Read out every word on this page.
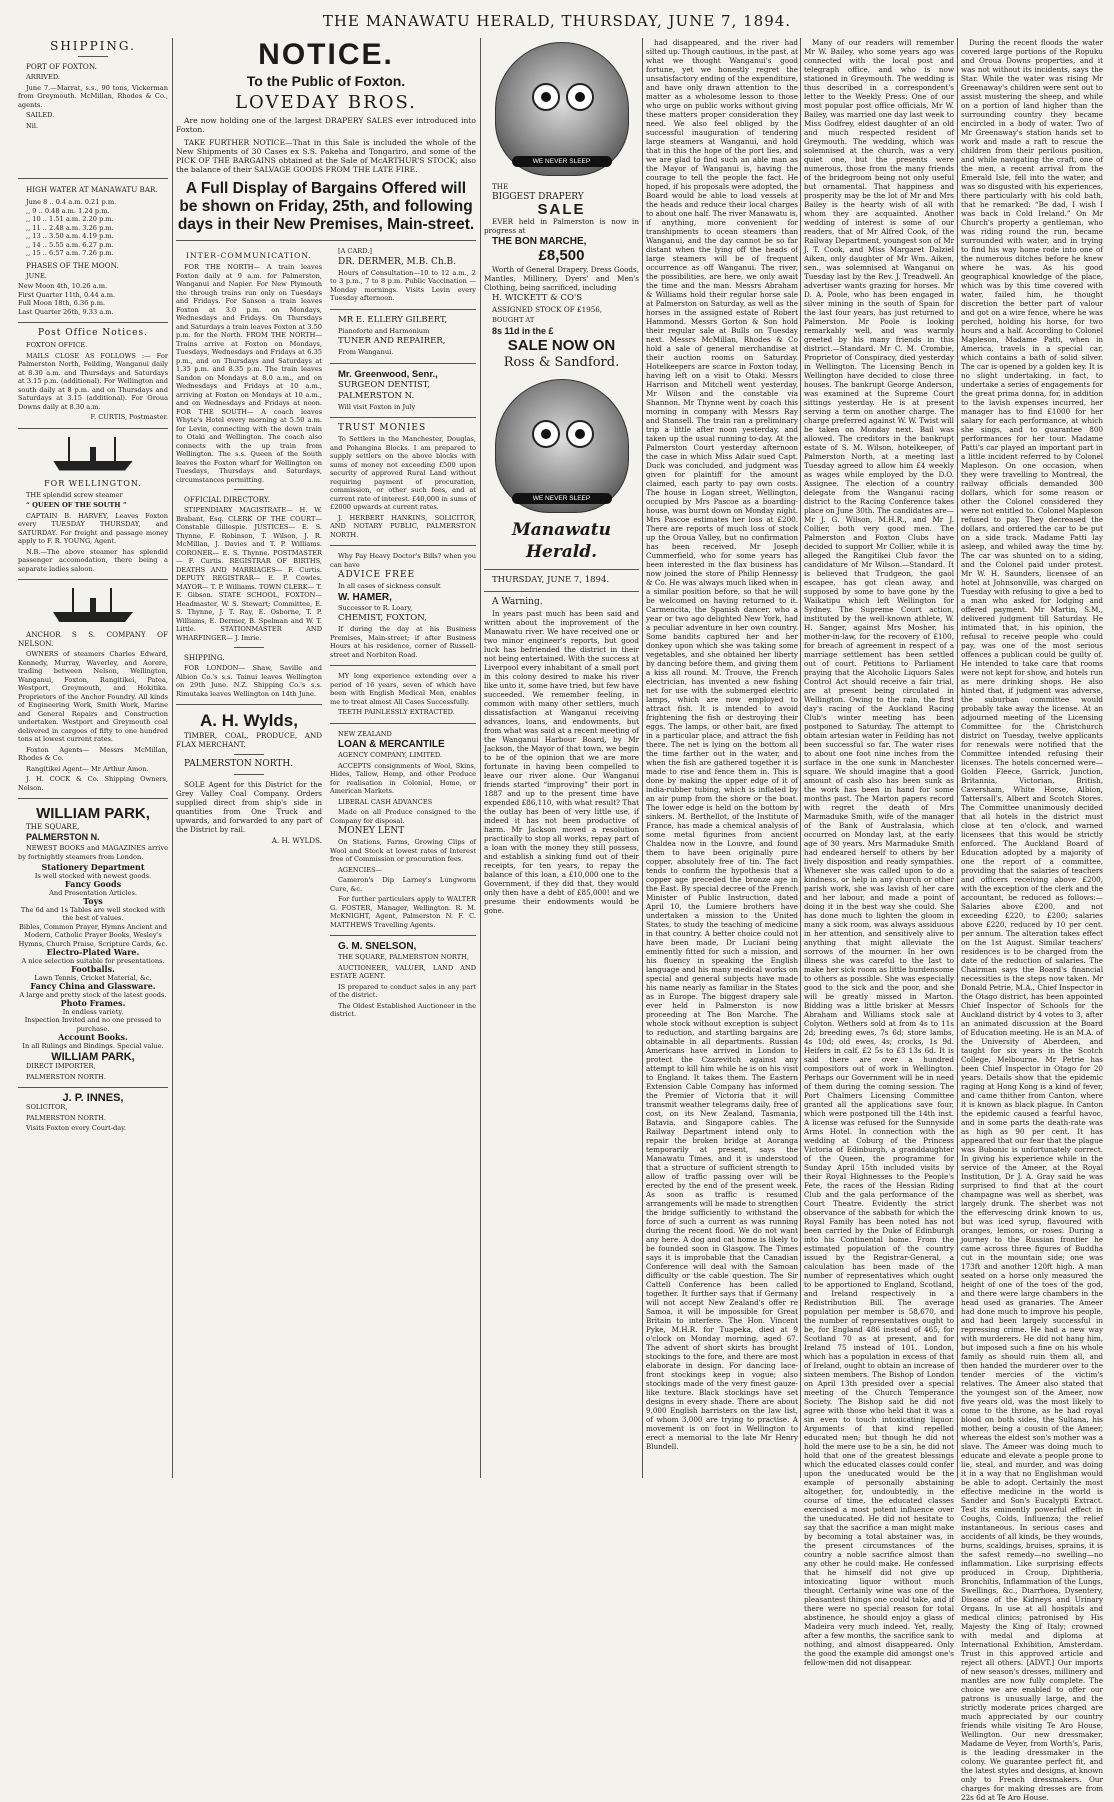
THE MANAWATU HERALD, THURSDAY, JUNE 7, 1894.
SHIPPING.

PORT OF FOXTON.

ARRIVED.

June 7.—Marrat, s.s., 90 tons, Vickerman from Greymouth. McMillan, Rhodes & Co., agents.

SAILED.

Nil.

HIGH WATER AT MANAWATU BAR.

June 8 .. 0.4 a.m. 0.21 p.m.
,, 9 .. 0.48 a.m. 1.24 p.m.
,, 10 .. 1.51 a.m. 2.20 p.m.
,, 11 .. 2.48 a.m. 3.26 p.m.
,, 13 .. 3.50 a.m. 4.19 p.m.
,, 14 .. 5.55 a.m. 6.27 p.m.
,, 15 .. 6.57 a.m. 7.26 p.m.

PHASES OF THE MOON.

JUNE.

New Moon 4th, 10.26 a.m.
First Quarter 11th, 0.44 a.m.
Full Moon 18th, 6.36 p.m.
Last Quarter 26th, 9.33 a.m.
Post Office Notices.

FOXTON OFFICE.

MAILS CLOSE AS FOLLOWS :— For Palmerston North, Feilding, Wanganui daily at 8.30 a.m. and Thursdays and Saturdays at 3.15 p.m. (additional). For Wellington and south daily at 8 p.m. and on Thursdays and Saturdays at 3.15 (additional). For Oroua Downs daily at 8.30 a.m.

F. CURTIS, Postmaster.

FOR WELLINGTON.

THE splendid screw steamer

“ QUEEN OF THE SOUTH ”

CAPTAIN B. HARVEY, Leaves Foxton every TUESDAY THURSDAY, and SATURDAY. For freight and passage money apply to F. R. YOUNG, Agent.

N.B.—The above steamer has splendid passenger accomodation, there being a separate ladies saloon.

ANCHOR S S. COMPANY OF NELSON.

OWNERS of steamers Charles Edward, Kennedy, Murray, Waverley, and Aorere, trading between Nelson, Wellington, Wanganui, Foxton, Rangitikei, Patea, Westport, Greymouth, and Hokitika. Proprietors of the Anchor Foundry. All kinds of Engineering Work, Smith Work, Marine and General Repairs and Construction undertaken. Westport and Greymouth coal delivered in cargoes of fifty to one hundred tons at lowest current rates.

Foxton Agents— Messrs McMillan, Rhodes & Co.

Rangitikei Agent— Mr Arthur Amon.

J. H. COCK & Co. Shipping Owners, Nelson.

WILLIAM PARK,

THE SQUARE,

PALMERSTON N.

NEWEST BOOKS and MAGAZINES arrive by fortnightly steamers from London.

Stationery Department
Is well stocked with newest goods.
Fancy Goods
And Presentation Articles.
Toys
The 6d and 1s Tables are well stocked with the best of values.
Bibles, Common Prayer, Hymns Ancient and Modern, Catholic Prayer Books, Wesley's Hymns, Church Praise, Scripture Cards, &c.
Electro-Plated Ware.
A nice selection suitable for presentations.
Footballs.
Lawn Tennis, Cricket Material, &c.
Fancy China and Glassware.
A large and pretty stock of the latest goods.
Photo Frames.
In endless variety.
Inspection Invited and no one pressed to purchase.
Account Books.
In all Rulings and Bindings. Special value.
WILLIAM PARK,

DIRECT IMPORTER,

PALMERSTON NORTH.

J. P. INNES,

SOLICITOR,

PALMERSTON NORTH.

Visits Foxton every Court-day.

NOTICE.
To the Public of Foxton.
LOVEDAY BROS.

Are now holding one of the largest DRAPERY SALES ever introduced into Foxton.

TAKE FURTHER NOTICE—That in this Sale is included the whole of the New Shipments of 30 Cases ex S.S. Pakeha and Tongariro, and some of the PICK OF THE BARGAINS obtained at the Sale of McARTHUR'S STOCK; also the balance of their SALVAGE GOODS FROM THE LATE FIRE.

A Full Display of Bargains Offered will be shown on Friday, 25th, and following days in their New Premises, Main-street.
INTER-COMMUNICATION.

FOR THE NORTH— A train leaves Foxton daily at 9 a.m. for Palmerston, Wanganui and Napier. For New Plymouth the through trains run only on Tuesdays and Fridays. For Sanson a train leaves Foxton at 3.0 p.m. on Mondays, Wednesdays and Fridays. On Thursdays and Saturdays a train leaves Foxton at 3.50 p.m. for the North. FROM THE NORTH— Trains arrive at Foxton on Mondays, Tuesdays, Wednesdays and Fridays at 6.35 p.m., and on Thursdays and Saturdays at 1.35 p.m. and 8.35 p.m. The train leaves Sandon on Mondays at 8.0 a.m., and on Wednesdays and Fridays at 10 a.m., arriving at Foxton on Mondays at 10 a.m., and on Wednesdays and Fridays at noon. FOR THE SOUTH— A coach leaves Whyte's Hotel every morning at 5.50 a.m. for Levin, connecting with the down train to Otaki and Wellington. The coach also connects with the up train from Wellington. The s.s. Queen of the South leaves the Foxton wharf for Wellington on Tuesdays, Thursdays and Saturdays, circumstances permitting.

OFFICIAL DIRECTORY.

STIPENDIARY MAGISTRATE— H. W. Brabant, Esq. CLERK OF THE COURT— Constable Gillespie. JUSTICES— E. S. Thynne, F. Robinson, T. Wilson, J. R. McMillan, J. Davies and T. P. Williams. CORONER— E. S. Thynne. POSTMASTER— F. Curtis. REGISTRAR OF BIRTHS, DEATHS AND MARRIAGES— F. Curtis. DEPUTY REGISTRAR— E. P. Cowles. MAYOR— T. P. Williams. TOWN CLERK— T. F. Gibson. STATE SCHOOL, FOXTON— Headmaster, W. S. Stewart; Committee, E. S. Thynne, J. T. Ray, E. Osborne, T. P. Williams, E. Dermer, B. Spelman and W. T. Little. STATIONMASTER AND WHARFINGER— J. Imrie.

SHIPPING.

FOR LONDON— Shaw, Saville and Albion Co.'s s.s. Tainui leaves Wellington on 29th June. N.Z. Shipping Co.'s s.s. Rimutaka leaves Wellington on 14th June.

A. H. Wylds,

TIMBER, COAL, PRODUCE, AND FLAX MERCHANT.

PALMERSTON NORTH.

SOLE Agent for this District for the Grey Valley Coal Company. Orders supplied direct from ship's side in quantities from One Truck and upwards, and forwarded to any part of the District by rail.

A. H. WYLDS.

[A CARD.]

DR. DERMER, M.B. Ch.B.

Hours of Consultation—10 to 12 a.m., 2 to 3 p.m., 7 to 8 p.m. Public Vaccination — Monday mornings. Visits Levin every Tuesday afternoon.

MR E. ELLERY GILBERT,

Pianoforte and Harmonium

TUNER AND REPAIRER,

From Wanganui.

Mr. Greenwood, Senr.,

SURGEON DENTIST,

PALMERSTON N.

Will visit Foxton in July

TRUST MONIES

To Settlers in the Manchester, Douglas, and Pohangina Blocks. I am prepared to supply settlers on the above blocks with sums of money not exceeding £500 upon security of approved Rural Land without requiring payment of procuration, commission, or other such fees, and at current rate of interest. £40,000 in sums of £2000 upwards at current rates.

J. HERBERT HANKINS, SOLICITOR, AND NOTARY PUBLIC, PALMERSTON NORTH.

Why Pay Heavy Doctor's Bills? when you can have

ADVICE FREE

In all cases of sickness consult

W. HAMER,

Successor to R. Loary,

CHEMIST, FOXTON,

If during the day at his Business Premises, Main-street; if after Business Hours at his residence, corner of Russell-street and Norbiton Road.

MY long experience extending over a period of 16 years, seven of which have been with English Medical Men, enables me to treat almost All Cases Successfully.

TEETH PAINLESSLY EXTRACTED.

NEW ZEALAND

LOAN & MERCANTILE

AGENCY COMPANY, LIMITED.

ACCEPTS consignments of Wool, Skins, Hides, Tallow, Hemp, and other Produce for realisation in Colonial, Home, or American Markets.

LIBERAL CASH ADVANCES

Made on all Produce consigned to the Company for disposal.

MONEY LENT

On Stations, Farms, Growing Clips of Wool and Stock at lowest rates of Interest free of Commission or procuration fees.

AGENCIES—

Cameron's Dip Larney's Lungworm Cure, &c.

For further particulars apply to WALTER G. FOSTER, Manager, Wellington. R. M. McKNIGHT, Agent, Palmerston N. F. C. MATTHEWS Travelling Agents.

G. M. SNELSON,

THE SQUARE, PALMERSTON NORTH,

AUCTIONEER, VALUER, LAND AND ESTATE AGENT.

IS prepared to conduct sales in any part of the district.

The Oldest Established Auctioneer in the district.

WE NEVER SLEEP

THE

BIGGEST DRAPERY

SALE

EVER held in Palmerston is now in progress at

THE BON MARCHE,

£8,500

Worth of General Drapery, Dress Goods, Mantles, Millinery, Dyers' and Men's Clothing, being sacrificed, including

H. WICKETT & CO'S

ASSIGNED STOCK OF £1956,

BOUGHT AT

8s 11d in the £

SALE NOW ON
Ross & Sandford.
WE NEVER SLEEP
Manawatu Herald.

THURSDAY, JUNE 7, 1894.

A Warning.

In years past much has been said and written about the improvement of the Manawatu river. We have received one or two minor engineer's reports, but good luck has befriended the district in their not being entertained. With the success at Liverpool every inhabitant of a small port in this colony desired to make his river like unto it, some have tried, but few have succeeded. We remember feeling, in common with many other settlers, much dissatisfaction at Wanganui receiving advances, loans, and endowments, but from what was said at a recent meeting of the Wanganui Harbour Board, by Mr Jackson, the Mayor of that town, we begin to be of the opinion that we are more fortunate in having been compelled to leave our river alone. Our Wanganui friends started “improving” their port in 1887 and up to the present time have expended £86,110, with what result? That the outlay has been of very little use, if indeed it has not been productive of harm. Mr Jackson moved a resolution practically to stop all works, repay part of a loan with the money they still possess, and establish a sinking fund out of their receipts, for ten years, to repay the balance of this loan, a £10,000 one to the Government, if they did that, they would only then have a debt of £85,000! and we presume their endowments would be gone.

had disappeared, and the river had silted up. Though cautious, in the past, at what we thought Wanganui's good fortune, yet we honestly regret the unsatisfactory ending of the expenditure, and have only drawn attention to the matter as a wholesome lesson to those who urge on public works without giving these matters proper consideration they need. We also feel obliged by the successful inauguration of tendering large steamers at Wanganui, and hold that in this the hope of the port lies, and we are glad to find such an able man as the Mayor of Wanganui is, having the courage to tell the people the fact. He hoped, if his proposals were adopted, the Board would be able to load vessels at the heads and reduce their local charges to about one half. The river Manawatu is, if anything, more convenient for transhipments to ocean steamers than Wanganui, and the day cannot be so far distant when the lying off the heads of large steamers will be of frequent occurrence as off Wanganui. The river, the possibilities, are here, we only await the time and the man. Messrs Abraham & Williams hold their regular horse sale at Palmerston on Saturday, as well as the horses in the assigned estate of Robert Hammond. Messrs Gorton & Son hold their regular sale at Bulls on Tuesday next. Messrs McMillan, Rhodes & Co hold a sale of general merchandise at their auction rooms on Saturday. Hotelkeepers are scarce in Foxton today, having left on a visit to Otaki. Messrs Harrison and Mitchell went yesterday, Mr Wilson and the constable via Shannon. Mr Thynne went by coach this morning in company with Messrs Ray and Stansell. The train ran a preliminary trip a little after noon yesterday, and taken up the usual running to-day. At the Palmerston Court yesterday afternoon the case in which Miss Adair sued Capt. Duck was concluded, and judgment was given for plaintiff for the amount claimed, each party to pay own costs. The house in Logan street, Wellington, occupied by Mrs Pascoe as a boarding-house, was burnt down on Monday night. Mrs Pascoe estimates her loss at £200. There are reports of much loss of stock up the Oroua Valley, but no confirmation has been received. Mr Joseph Cummerfield, who for some years has been interested in the flax business has now joined the store of Philip Hennessy & Co. He was always much liked when in a similar position before, so that he will be welcomed on having returned to it. Carmencita, the Spanish dancer, who a year or two ago delighted New York, had a peculiar adventure in her own country. Some bandits captured her and her donkey upon which she was taking some vegetables, and she obtained her liberty by dancing before them, and giving them a kiss all round. M. Trouve, the French electrician, has invented a new fishing net for use with the submerged electric lamps, which are now employed to attract fish. It is intended to avoid frightening the fish or destroying their eggs. The lamps, or other bait, are fixed in a particular place, and attract the fish there. The net is lying on the bottom all the time farther out in the water, and when the fish are gathered together it is made to rise and fence them in. This is done by making the upper edge of it of india-rubber tubing, which is inflated by an air pump from the shore or the boat. The lower edge is held on the bottom by sinkers. M. Berthellot, of the Institute of France, has made a chemical analysis of some metal figurines from ancient Chaldea now in the Louvre, and found them to have been originally pure copper, absolutely free of tin. The fact tends to confirm the hypothesis that a copper age preceded the bronze age in the East. By special decree of the French Minister of Public Instruction, dated April 10, the Lumiere brothers have undertaken a mission to the United States, to study the teaching of medicine in that country. A better choice could not have been made, Dr Luciani being eminently fitted for such a mission, and his fluency in speaking the English language and his many medical works on special and general subjects have made his name nearly as familiar in the States as in Europe. The biggest drapery sale ever held in Palmerston is now proceeding at The Bon Marche. The whole stock without exception is subject to reduction, and startling bargains are obtainable in all departments. Russian Americans have arrived in London to protect the Czarevitch against any attempt to kill him while he is on his visit to England. It takes them. The Eastern Extension Cable Company has informed the Premier of Victoria that it will transmit weather telegrams daily, free of cost, on its New Zealand, Tasmania, Batavia, and Singapore cables. The Railway Department intend only to repair the broken bridge at Aoranga temporarily at present, says the Manawatu Times, and it is understood that a structure of sufficient strength to allow of traffic passing over will be erected by the end of the present week. As soon as traffic is resumed arrangements will be made to strengthen the bridge sufficiently to withstand the force of such a current as was running during the recent flood. We do not want any here. A dog and cat home is likely to be founded soon in Glasgow. The Times says it is improbable that the Canadian Conference will deal with the Samoan difficulty or the cable question. The Sir Cattell Conference has been called together. It further says that if Germany will not accept New Zealand's offer re Samoa, it will be impossible for Great Britain to interfere. The Hon. Vincent Pyke, M.H.R. for Tuapeka, died at 9 o'clock on Monday morning, aged 67. The advent of short skirts has brought stockings to the fore, and there are most elaborate in design. For dancing lace-front stockings keep in vogue; also stockings made of the very finest gauze-like texture. Black stockings have set designs in every shade. There are about 9,000 English barristers on the law list, of whom 3,000 are trying to practise. A movement is on foot in Wellington to erect a memorial to the late Mr Henry Blundell.

Many of our readers will remember Mr W. Bailey, who some years ago was connected with the local post and telegraph office, and who is now stationed in Greymouth. The wedding is thus described in a correspondent's letter to the Weekly Press: One of our most popular post office officials, Mr W. Bailey, was married one day last week to Miss Godfrey, eldest daughter of an old and much respected resident of Greymouth. The wedding, which was solemnised at the church, was a very quiet one, but the presents were numerous, those from the many friends of the bridegroom being not only useful but ornamental. That happiness and prosperity may be the lot of Mr and Mrs Bailey is the hearty wish of all with whom they are acquainted. Another wedding of interest is some of our readers, that of Mr Alfred Cook, of the Railway Department, youngest son of Mr J. T. Cook, and Miss Margaret Dalziel Aiken, only daughter of Mr Wm. Aiken, sen., was solemnised at Wanganui on Tuesday last by the Rev. J. Treadwell. An advertiser wants grazing for horses. Mr D. A. Poole, who has been engaged in silver mining in the south of Spain for the last four years, has just returned to Palmerston. Mr Poole is looking remarkably well, and was warmly greeted by his many friends in this district.—Standard. Mr C. M. Crombie, Proprietor of Conspiracy, died yesterday in Wellington. The Licensing Bench in Wellington have decided to close three houses. The bankrupt George Anderson, was examined at the Supreme Court sittings yesterday. He is at present serving a term on another charge. The charge preferred against W. W. Twist will be taken on Monday next. Bail was allowed. The creditors in the bankrupt estate of S. M. Wilson, hotelkeeper, of Palmerston North, at a meeting last Tuesday agreed to allow him £4 weekly as wages while employed by the D.O. Assignee. The election of a country delegate from the Wanganui racing district to the Racing Conference takes place on June 30th. The candidates are—Mr J. G. Wilson, M.H.R., and Mr J. Collier, both very good men. The Palmerston and Foxton Clubs have decided to support Mr Collier, while it is alleged the Rangitikei Club favor the candidature of Mr Wilson.—Standard. It is believed that Trudgeon, the gaol escapee, has got clean away, and supposed by some to have gone by the Waikatipu which left Wellington for Sydney. The Supreme Court action, instituted by the well-known athlete, W. H. Sanger, against Mrs Mosher, his mother-in-law, for the recovery of £100, for breach of agreement in respect of a marriage settlement has been settled out of court. Petitions to Parliament praying that the Alcoholic Liquors Sales Control Act should receive a fair trial, are at present being circulated in Wellington. Owing to the rain, the first day's racing of the Auckland Racing Club's winter meeting has been postponed to Saturday. The attempt to obtain artesian water in Feilding has not been successful so far. The water rises to about one foot nine inches from the surface in the one sunk in Manchester square. We should imagine that a good amount of cash also has been sunk as the work has been in hand for some months past. The Marton papers record with regret the death of Mrs Marmaduke Smith, wife of the manager of the Bank of Australasia, which occurred on Monday last, at the early age of 30 years. Mrs Marmaduke Smith had endeared herself to others by her lively disposition and ready sympathies. Whenever she was called upon to do a kindness, or help in any church or other parish work, she was lavish of her care and her labour, and made a point of doing it in the best way she could. She has done much to lighten the gloom in many a sick room, was always assiduous in her attention, and sensitively alive to anything that might alleviate the sorrows of the mourner. In her own illness she was careful to the last to make her sick room as little burdensome to others as possible. She was especially good to the sick and the poor, and she will be greatly missed in Marton. Bidding was a little brisker at Messrs Abraham and Williams stock sale at Colyton. Wethers sold at from 4s to 11s 2d; breeding ewes, 7s 6d; store lambs, 4s 10d; old ewes, 4s; crocks, 1s 9d. Heifers in calf, £2 5s to £3 13s 6d. It is said there are over a hundred compositors out of work in Wellington. Perhaps our Government will be in need of them during the coming session. The Port Chalmers Licensing Committee granted all the applications save four, which were postponed till the 14th inst. A license was refused for the Sunnyside Arms Hotel. In connection with the wedding at Coburg of the Princess Victoria of Edinburgh, a granddaughter of the Queen, the programme for Sunday April 15th included visits by their Royal Highnesses to the People's Fete, the races of the Hessian Riding Club and the gala performance of the Court Theatre. Evidently the strict observance of the sabbath for which the Royal Family has been noted has not been carried by the Duke of Edinburgh into his Continental home. From the estimated population of the country issued by the Registrar-General, a calculation has been made of the number of representatives which ought to be apportioned to England, Scotland, and Ireland respectively in a Redistribution Bill. The average population per member is 58,670, and the number of representatives ought to be, for England 486 instead of 465, for Scotland 70 as at present, and for Ireland 75 instead of 101. London, which has a population in excess of that of Ireland, ought to obtain an increase of sixteen members. The Bishop of London on April 13th presided over a special meeting of the Church Temperance Society. The Bishop said he did not agree with those who held that it was a sin even to touch intoxicating liquor. Arguments of that kind repelled educated men; but though he did not hold the mere use to be a sin, he did not hold that one of the greatest blessings which the educated classes could confer upon the uneducated would be the example of personally abstaining altogether, for, undoubtedly, in the course of time, the educated classes exercised a most potent influence over the uneducated. He did not hesitate to say that the sacrifice a man might make by becoming a total abstainer was, in the present circumstances of the country a noble sacrifice almost than any other he could make. He confessed that he himself did not give up intoxicating liquor without much thought. Certainly wine was one of the pleasantest things one could take, and if there were no special reason for total abstinence, he should enjoy a glass of Madeira very much indeed. Yet, really, after a few months, the sacrifice sank to nothing, and almost disappeared. Only the good the example did amongst one's fellow-men did not disappear.

During the recent floods the water covered large portions of the Ropuku and Oroua Downs properties, and it was not without its incidents, says the Star. While the water was rising Mr Greenaway's children were sent out to assist mustering the sheep, and while on a portion of land higher than the surrounding country they became encircled in a body of water. Two of Mr Greenaway's station hands set to work and made a raft to rescue the children from their perilous position, and while navigating the craft, one of the men, a recent arrival from the Emerald Isle, fell into the water, and was so disgusted with his experiences, there particularly with his cold bath, that he remarked: “Be dad, I wish I was back in Cold Ireland.” On Mr Church's property a gentleman, who was riding round the run, became surrounded with water, and in trying to find his way home rode into one of the numerous ditches before he knew where he was. As his good geographical knowledge of the place, which was by this time covered with water, failed him, he thought discretion the better part of valour and got on a wire fence, where he was perched, holding his horse, for two hours and a half. According to Colonel Mapleson, Madame Patti, when in America, travels in a special car, which contains a bath of solid silver. The car is opened by a golden key. It is no slight undertaking, in fact, to undertake a series of engagements for the great prima donna, for, in addition to the lavish expenses incurred, her manager has to find £1000 for her salary for each performance, at which she sings, and to guarantee 800 performances for her tour. Madame Patti's car played an important part in a little incident referred to by Colonel Mapleson. On one occasion, when they were travelling to Montreal, the railway officials demanded 300 dollars, which for some reason or other the Colonel considered they were not entitled to. Colonel Mapleson refused to pay. They decreased the dollars, and ordered the car to be put on a side track. Madame Patti lay asleep, and whiled away the time by. The car was shunted on to a siding, and the Colonel paid under protest. Mr W. H. Saunders, licensee of an hotel at Johnsonville, was charged on Tuesday with refusing to give a bed to a man who asked for lodging and offered payment. Mr Martin, S.M., delivered judgment till Saturday. He intimated that, in his opinion, the refusal to receive people who could pay, was one of the most serious offences a publican could be guilty of. He intended to take care that rooms were not kept for show, and hotels run as mere drinking shops. He also hinted that, if judgment was adverse, the suburban committee would probably take away the license. At an adjourned meeting of the Licensing Committee for the Christchurch district on Tuesday, twelve applicants for renewals were notified that the Committee intended refusing their licenses. The hotels concerned were—Golden Fleece, Garrick, Junction, Britannia, Victorian, British, Caversham, White Horse, Albion, Tattersall's, Albert and Scotch Stores. The Committee unanimously decided that all hotels in the district must close at ten o'clock, and warned licensees that this would be strictly enforced. The Auckland Board of Education adopted by a majority of one the report of a committee, providing that the salaries of teachers and officers receiving above £200, with the exception of the clerk and the accountant, be reduced as follows:—Salaries above £200, and not exceeding £220, to £200; salaries above £220, reduced by 10 per cent. per annum. The alteration takes effect on the 1st August. Similar teachers' residences is to be charged from the date of the reduction of salaries. The Chairman says the Board's financial necessities is the steps now taken. Mr Donald Petrie, M.A., Chief Inspector in the Otago district, has been appointed Chief Inspector of Schools for the Auckland district by 4 votes to 3, after an animated discussion at the Board of Education meeting. He is an M.A. of the University of Aberdeen, and taught for six years in the Scotch College, Melbourne. Mr Petrie has been Chief Inspector in Otago for 20 years. Details show that the epidemic raging at Hong Kong is a kind of fever, and came thither from Canton, where it is known as black plague. In Canton the epidemic caused a fearful havoc, and in some parts the death-rate was as high as 90 per cent. It has appeared that our fear that the plague was Bubonic is unfortunately correct. In giving his experience while in the service of the Ameer, at the Royal Institution, Dr J. A. Gray said he was surprised to find that at the court champagne was well as sherbet, was largely drunk. The sherbet was not the effervescing drink known to us, but was iced syrup, flavoured with oranges, lemons, or roses. During a journey to the Russian frontier he came across three figures of Buddha cut in the mountain side; one was 173ft and another 120ft high. A man seated on a horse only measured the height of one of the toes of the god, and there were large chambers in the head used as granaries. The Ameer had done much to improve his people, and had been largely successful in repressing crime. He had a new way with murderers. He did not hang him, but imposed such a fine on his whole family as should ruin them all, and then handed the murderer over to the tender mercies of the victim's relatives. The Ameer also stated that the youngest son of the Ameer, now five years old, was the most likely to come to the throne, as he had royal blood on both sides, the Sultana, his mother, being a cousin of the Ameer, whereas the eldest son's mother was a slave. The Ameer was doing much to educate and elevate a people prone to lie, steal, and murder, and was doing it in a way that no Englishman would be able to adopt. Certainly the most effective medicine in the world is Sander and Son's Eucalypti Extract. Test its eminently powerful effect in Coughs, Colds, Influenza; the relief instantaneous. In serious cases and accidents of all kinds, be they wounds, burns, scaldings, bruises, sprains, it is the safest remedy—no swelling—no inflammation. Like surprising effects produced in Croup, Diphtheria, Bronchitis, Inflammation of the Lungs, Swellings, &c., Diarrhoea, Dysentery, Disease of the Kidneys and Urinary Organs. In use at all hospitals and medical clinics; patronised by His Majesty the King of Italy; crowned with medal and diploma at International Exhibition, Amsterdam. Trust in this approved article and reject all others. [ADVT.] Our imports of new season's dresses, millinery and mantles are now fully complete. The choice we are enabled to offer our patrons is unusually large, and the strictly moderate prices charged are much appreciated by our country friends while visiting Te Aro House, Wellington. Our new dressmaker, Madame de Veyer, from Worth's, Paris, is the leading dressmaker in the colony. We guarantee perfect fit, and the latest styles and designs, at known only to French dressmakers. Our charges for making dresses are from 22s 6d at Te Aro House.
